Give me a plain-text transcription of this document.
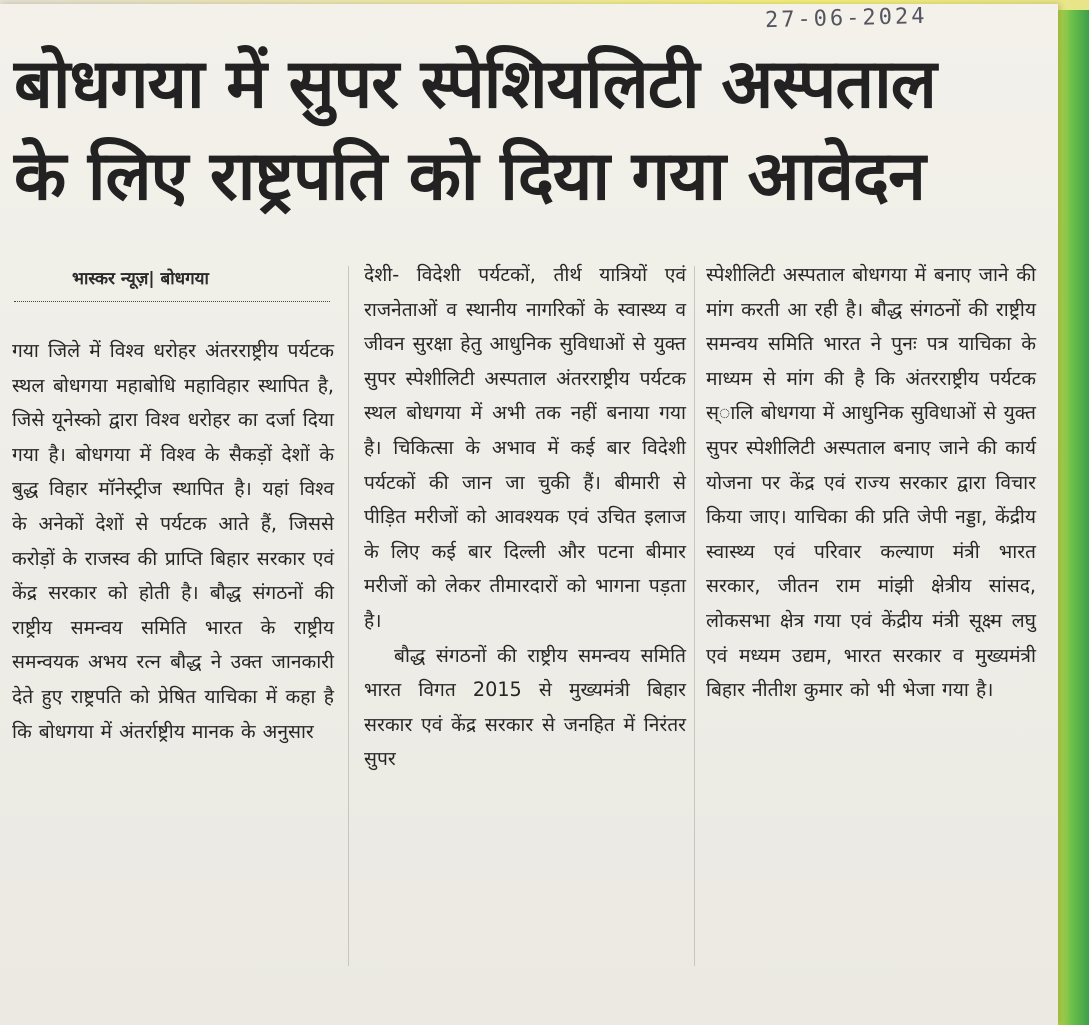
27-06-2024
बोधगया में सुपर स्पेशियलिटी अस्पताल
के लिए राष्ट्रपति को दिया गया आवेदन
भास्कर न्यूज़| बोधगया

गया जिले में विश्व धरोहर अंतरराष्ट्रीय पर्यटक स्थल बोधगया महाबोधि महाविहार स्थापित है, जिसे यूनेस्को द्वारा विश्व धरोहर का दर्जा दिया गया है। बोधगया में विश्व के सैकड़ों देशों के बुद्ध विहार मॉनेस्ट्रीज स्थापित है। यहां विश्व के अनेकों देशों से पर्यटक आते हैं, जिससे करोड़ों के राजस्व की प्राप्ति बिहार सरकार एवं केंद्र सरकार को होती है। बौद्ध संगठनों की राष्ट्रीय समन्वय समिति भारत के राष्ट्रीय समन्वयक अभय रत्न बौद्ध ने उक्त जानकारी देते हुए राष्ट्रपति को प्रेषित याचिका में कहा है कि बोधगया में अंतर्राष्ट्रीय मानक के अनुसार

देशी- विदेशी पर्यटकों, तीर्थ यात्रियों एवं राजनेताओं व स्थानीय नागरिकों के स्वास्थ्य व जीवन सुरक्षा हेतु आधुनिक सुविधाओं से युक्त सुपर स्पेशीलिटी अस्पताल अंतरराष्ट्रीय पर्यटक स्थल बोधगया में अभी तक नहीं बनाया गया है। चिकित्सा के अभाव में कई बार विदेशी पर्यटकों की जान जा चुकी हैं। बीमारी से पीड़ित मरीजों को आवश्यक एवं उचित इलाज के लिए कई बार दिल्ली और पटना बीमार मरीजों को लेकर तीमारदारों को भागना पड़ता है।

बौद्ध संगठनों की राष्ट्रीय समन्वय समिति भारत विगत 2015 से मुख्यमंत्री बिहार सरकार एवं केंद्र सरकार से जनहित में निरंतर सुपर

स्पेशीलिटी अस्पताल बोधगया में बनाए जाने की मांग करती आ रही है। बौद्ध संगठनों की राष्ट्रीय समन्वय समिति भारत ने पुनः पत्र याचिका के माध्यम से मांग की है कि अंतरराष्ट्रीय पर्यटक स्ालि बोधगया में आधुनिक सुविधाओं से युक्त सुपर स्पेशीलिटी अस्पताल बनाए जाने की कार्य योजना पर केंद्र एवं राज्य सरकार द्वारा विचार किया जाए। याचिका की प्रति जेपी नड्डा, केंद्रीय स्वास्थ्य एवं परिवार कल्याण मंत्री भारत सरकार, जीतन राम मांझी क्षेत्रीय सांसद, लोकसभा क्षेत्र गया एवं केंद्रीय मंत्री सूक्ष्म लघु एवं मध्यम उद्यम, भारत सरकार व मुख्यमंत्री बिहार नीतीश कुमार को भी भेजा गया है।
